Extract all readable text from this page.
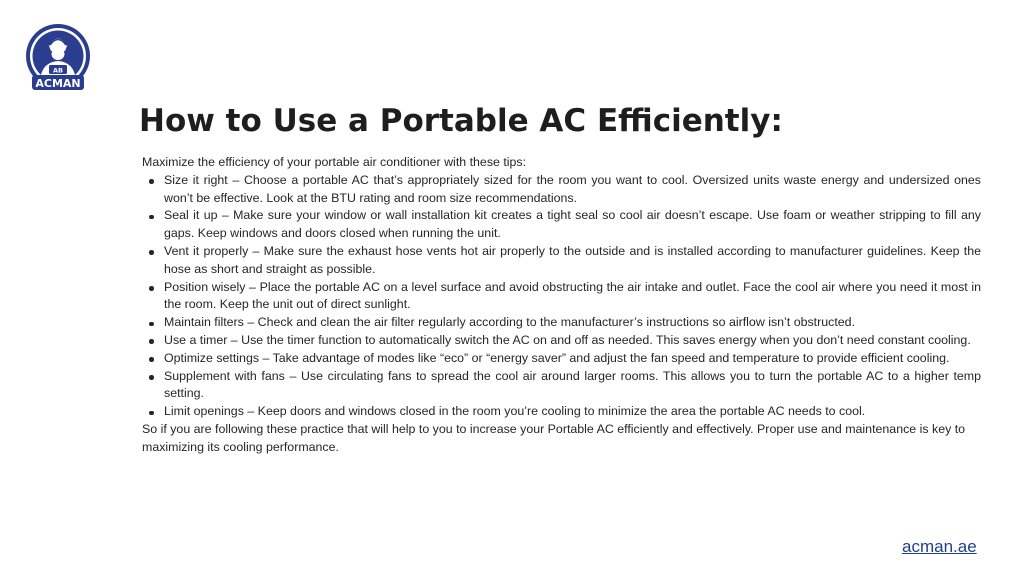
AB
ACMAN
How to Use a Portable AC Efficiently:

Maximize the efficiency of your portable air conditioner with these tips:

Size it right – Choose a portable AC that’s appropriately sized for the room you want to cool. Oversized units waste energy and undersized ones won’t be effective. Look at the BTU rating and room size recommendations.
Seal it up – Make sure your window or wall installation kit creates a tight seal so cool air doesn’t escape. Use foam or weather stripping to fill any gaps. Keep windows and doors closed when running the unit.
Vent it properly – Make sure the exhaust hose vents hot air properly to the outside and is installed according to manufacturer guidelines. Keep the hose as short and straight as possible.
Position wisely – Place the portable AC on a level surface and avoid obstructing the air intake and outlet. Face the cool air where you need it most in the room. Keep the unit out of direct sunlight.
Maintain filters – Check and clean the air filter regularly according to the manufacturer’s instructions so airflow isn’t obstructed.
Use a timer – Use the timer function to automatically switch the AC on and off as needed. This saves energy when you don’t need constant cooling.
Optimize settings – Take advantage of modes like “eco” or “energy saver” and adjust the fan speed and temperature to provide efficient cooling.
Supplement with fans – Use circulating fans to spread the cool air around larger rooms. This allows you to turn the portable AC to a higher temp setting.
Limit openings – Keep doors and windows closed in the room you’re cooling to minimize the area the portable AC needs to cool.

So if you are following these practice that will help to you to increase your Portable AC efficiently and effectively. Proper use and maintenance is key to maximizing its cooling performance.

acman.ae
